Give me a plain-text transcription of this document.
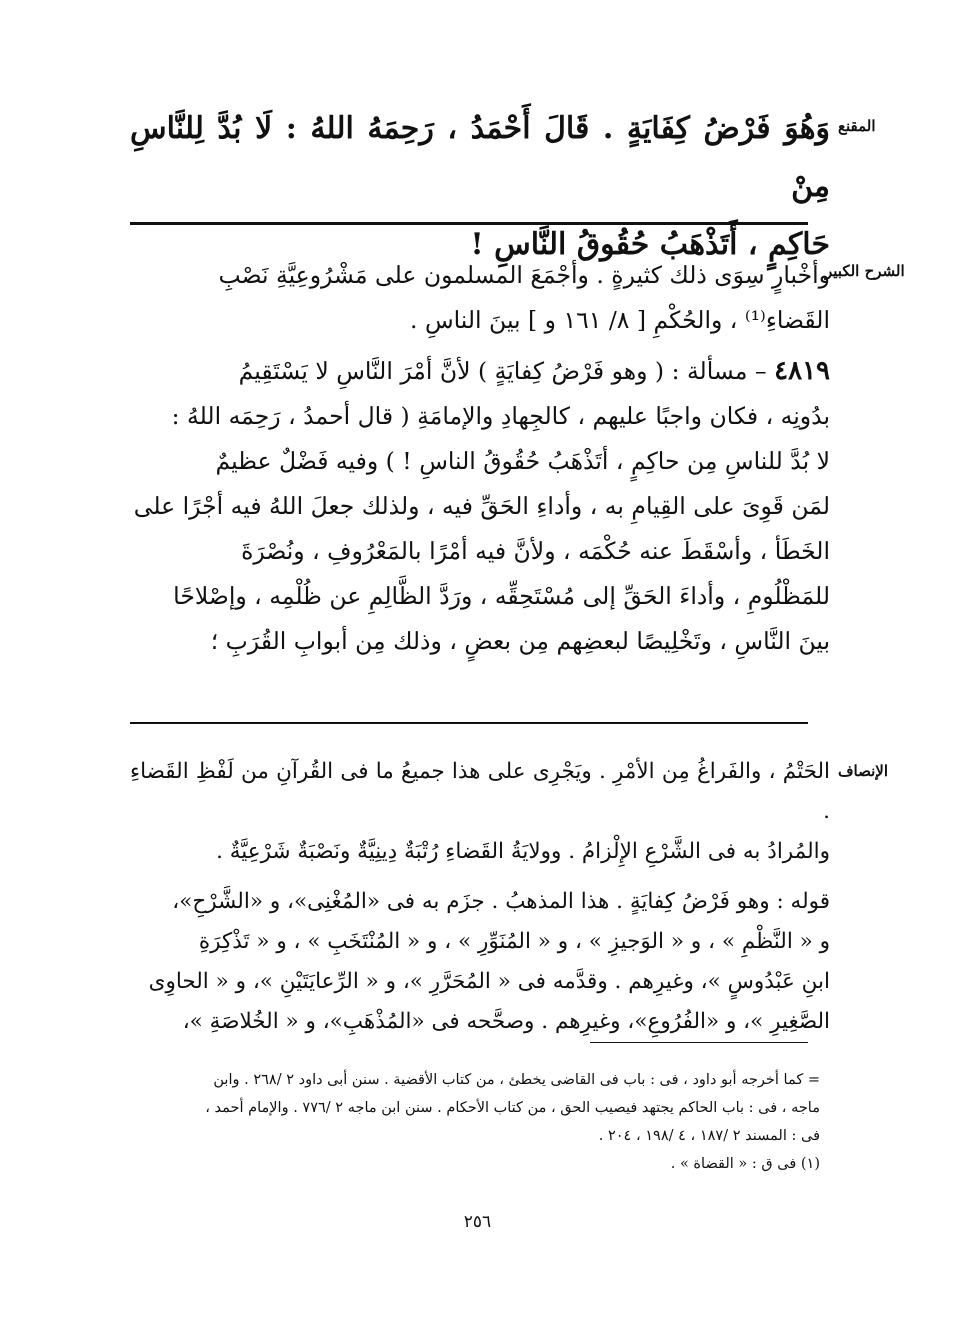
المقنع

وَهُوَ فَرْضُ كِفَايَةٍ . قَالَ أَحْمَدُ ، رَحِمَهُ اللهُ : لَا بُدَّ لِلنَّاسِ مِنْ

حَاكِمٍ ، أَتَذْهَبُ حُقُوقُ النَّاسِ !

الشرح الكبير
وأخْبارٍ سِوَى ذلك كثيرةٍ . وأجْمَعَ المسلمون على مَشْرُوعِيَّةِ نَصْبِ
القَضاءِ⁽¹⁾ ، والحُكْمِ [ ٨/ ١٦١ و ] بينَ الناسِ .
٤٨١٩ – مسألة : ( وهو فَرْضُ كِفايَةٍ ) لأنَّ أمْرَ النَّاسِ لا يَسْتَقِيمُ
بدُونِه ، فكان واجبًا عليهم ، كالجِهادِ والإمامَةِ ( قال أحمدُ ، رَحِمَه اللهُ :
لا بُدَّ للناسِ مِن حاكِمٍ ، أتَذْهَبُ حُقُوقُ الناسِ ! ) وفيه فَضْلٌ عظيمٌ
لمَن قَوِىَ على القِيامِ به ، وأداءِ الحَقِّ فيه ، ولذلك جعلَ اللهُ فيه أجْرًا على
الخَطَأ ، وأسْقَطَ عنه حُكْمَه ، ولأنَّ فيه أمْرًا بالمَعْرُوفِ ، ونُصْرَةَ
للمَظْلُومِ ، وأداءَ الحَقِّ إلى مُسْتَحِقِّه ، ورَدَّ الظَّالِمِ عن ظُلْمِه ، وإصْلاحًا
بينَ النَّاسِ ، وتَخْلِيصًا لبعضِهم مِن بعضٍ ، وذلك مِن أبوابِ القُرَبِ ؛
الإنصاف
الحَتْمُ ، والفَراغُ مِن الأمْرِ . ويَجْرِى على هذا جميعُ ما فى القُرآنِ من لَفْظِ القَضاءِ .
والمُرادُ به فى الشَّرْعِ الإِلْزامُ . وولايَةُ القَضاءِ رُتْبَةٌ دِينِيَّةٌ ونَصْبَةٌ شَرْعِيَّةٌ .
قوله : وهو فَرْضُ كِفايَةٍ . هذا المذهبُ . جزَم به فى «المُغْنِى»، و «الشَّرْحِ»،
و « النَّظْمِ » ، و « الوَجيزِ » ، و « المُنَوِّرِ » ، و « المُنْتَخَبِ » ، و « تَذْكِرَةِ
ابنِ عَبْدُوسٍ »، وغيرِهم . وقدَّمه فى « المُحَرَّرِ »، و « الرِّعايَتَيْنِ »، و « الحاوِى
الصَّغِيرِ »، و «الفُرُوعِ»، وغيرِهم . وصحَّحه فى «المُذْهَبِ»، و « الخُلاصَةِ »،

= كما أخرجه أبو داود ، فى : باب فى القاضى يخطئ ، من كتاب الأقضية . سنن أبى داود ٢ /٢٦٨ . وابن

ماجه ، فى : باب الحاكم يجتهد فيصيب الحق ، من كتاب الأحكام . سنن ابن ماجه ٢ /٧٧٦ . والإمام أحمد ،

فى : المسند ٢ /١٨٧ ، ٤ /١٩٨ ، ٢٠٤ .

(١) فى ق : « القضاة » .

٢٥٦
